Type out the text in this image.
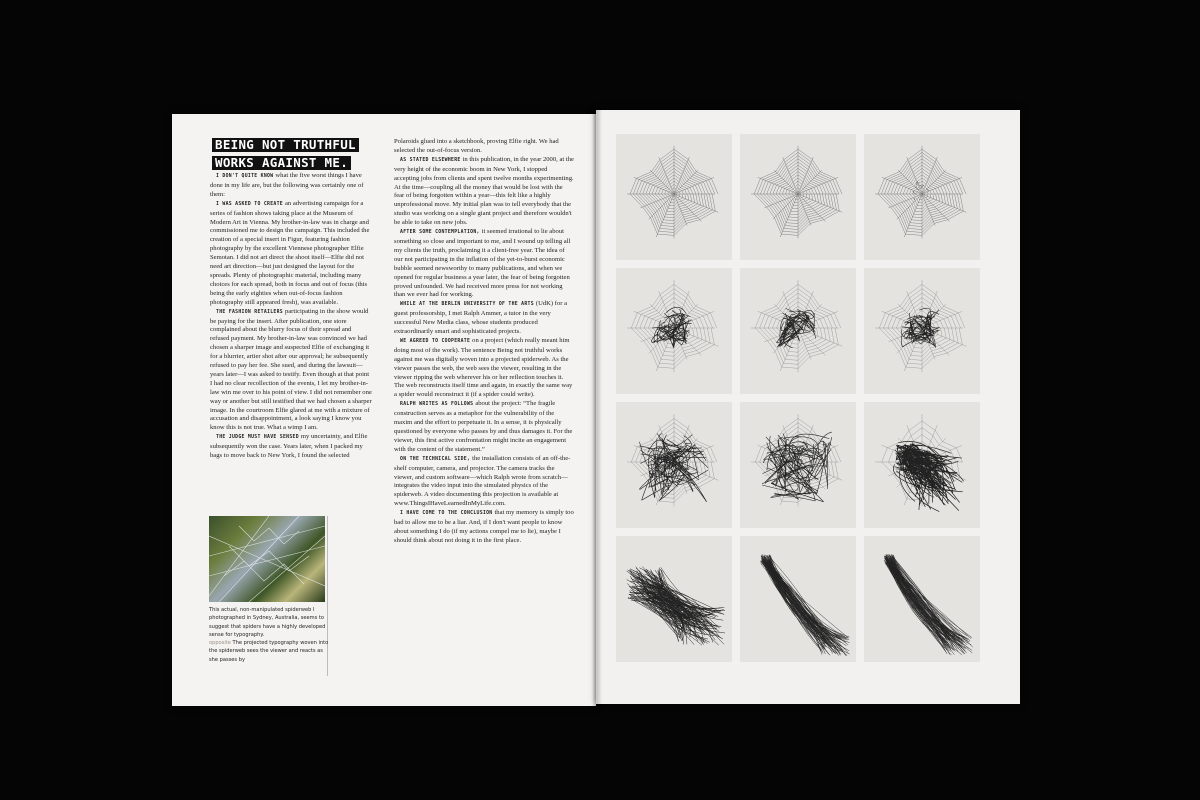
BEING NOT TRUTHFUL
WORKS AGAINST ME.

I DON'T QUITE KNOW what the five worst things I have done in my life are, but the following was certainly one of them:

I WAS ASKED TO CREATE an advertising campaign for a series of fashion shows taking place at the Museum of Modern Art in Vienna. My brother-in-law was in charge and commissioned me to design the campaign. This included the creation of a special insert in Figur, featuring fashion photography by the excellent Viennese photographer Elfie Semotan. I did not art direct the shoot itself—Elfie did not need art direction—but just designed the layout for the spreads. Plenty of photographic material, including many choices for each spread, both in focus and out of focus (this being the early eighties when out-of-focus fashion photography still appeared fresh), was available.

THE FASHION RETAILERS participating in the show would be paying for the insert. After publication, one store complained about the blurry focus of their spread and refused payment. My brother-in-law was convinced we had chosen a sharper image and suspected Elfie of exchanging it for a blurrier, artier shot after our approval; he subsequently refused to pay her fee. She sued, and during the lawsuit—years later—I was asked to testify. Even though at that point I had no clear recollection of the events, I let my brother-in-law win me over to his point of view. I did not remember one way or another but still testified that we had chosen a sharper image. In the courtroom Elfie glared at me with a mixture of accusation and disappointment, a look saying I know you know this is not true. What a wimp I am.

THE JUDGE MUST HAVE SENSED my uncertainty, and Elfie subsequently won the case. Years later, when I packed my bags to move back to New York, I found the selected

Polaroids glued into a sketchbook, proving Elfie right. We had selected the out-of-focus version.

AS STATED ELSEWHERE in this publication, in the year 2000, at the very height of the economic boom in New York, I stopped accepting jobs from clients and spent twelve months experimenting. At the time—coupling all the money that would be lost with the fear of being forgotten within a year—this felt like a highly unprofessional move. My initial plan was to tell everybody that the studio was working on a single giant project and therefore wouldn't be able to take on new jobs.

AFTER SOME CONTEMPLATION, it seemed irrational to lie about something so close and important to me, and I wound up telling all my clients the truth, proclaiming it a client-free year. The idea of our not participating in the inflation of the yet-to-burst economic bubble seemed newsworthy to many publications, and when we opened for regular business a year later, the fear of being forgotten proved unfounded. We had received more press for not working than we ever had for working.

WHILE AT THE BERLIN UNIVERSITY OF THE ARTS (UdK) for a guest professorship, I met Ralph Ammer, a tutor in the very successful New Media class, whose students produced extraordinarily smart and sophisticated projects.

WE AGREED TO COOPERATE on a project (which really meant him doing most of the work). The sentence Being not truthful works against me was digitally woven into a projected spiderweb. As the viewer passes the web, the web sees the viewer, resulting in the viewer ripping the web wherever his or her reflection touches it. The web reconstructs itself time and again, in exactly the same way a spider would reconstruct it (if a spider could write).

RALPH WRITES AS FOLLOWS about the project: “The fragile construction serves as a metaphor for the vulnerability of the maxim and the effort to perpetuate it. In a sense, it is physically questioned by everyone who passes by and thus damages it. For the viewer, this first active confrontation might incite an engagement with the content of the statement.”

ON THE TECHNICAL SIDE, the installation consists of an off-the-shelf computer, camera, and projector. The camera tracks the viewer, and custom software—which Ralph wrote from scratch—integrates the video input into the simulated physics of the spiderweb. A video documenting this projection is available at www.ThingsIHaveLearnedInMyLife.com.

I HAVE COME TO THE CONCLUSION that my memory is simply too bad to allow me to be a liar. And, if I don't want people to know about something I do (if my actions compel me to lie), maybe I should think about not doing it in the first place.

This actual, non-manipulated spiderweb I photographed in Sydney, Australia, seems to suggest that spiders have a highly developed sense for typography.
opposite The projected typography woven into the spiderweb sees the viewer and reacts as she passes by
